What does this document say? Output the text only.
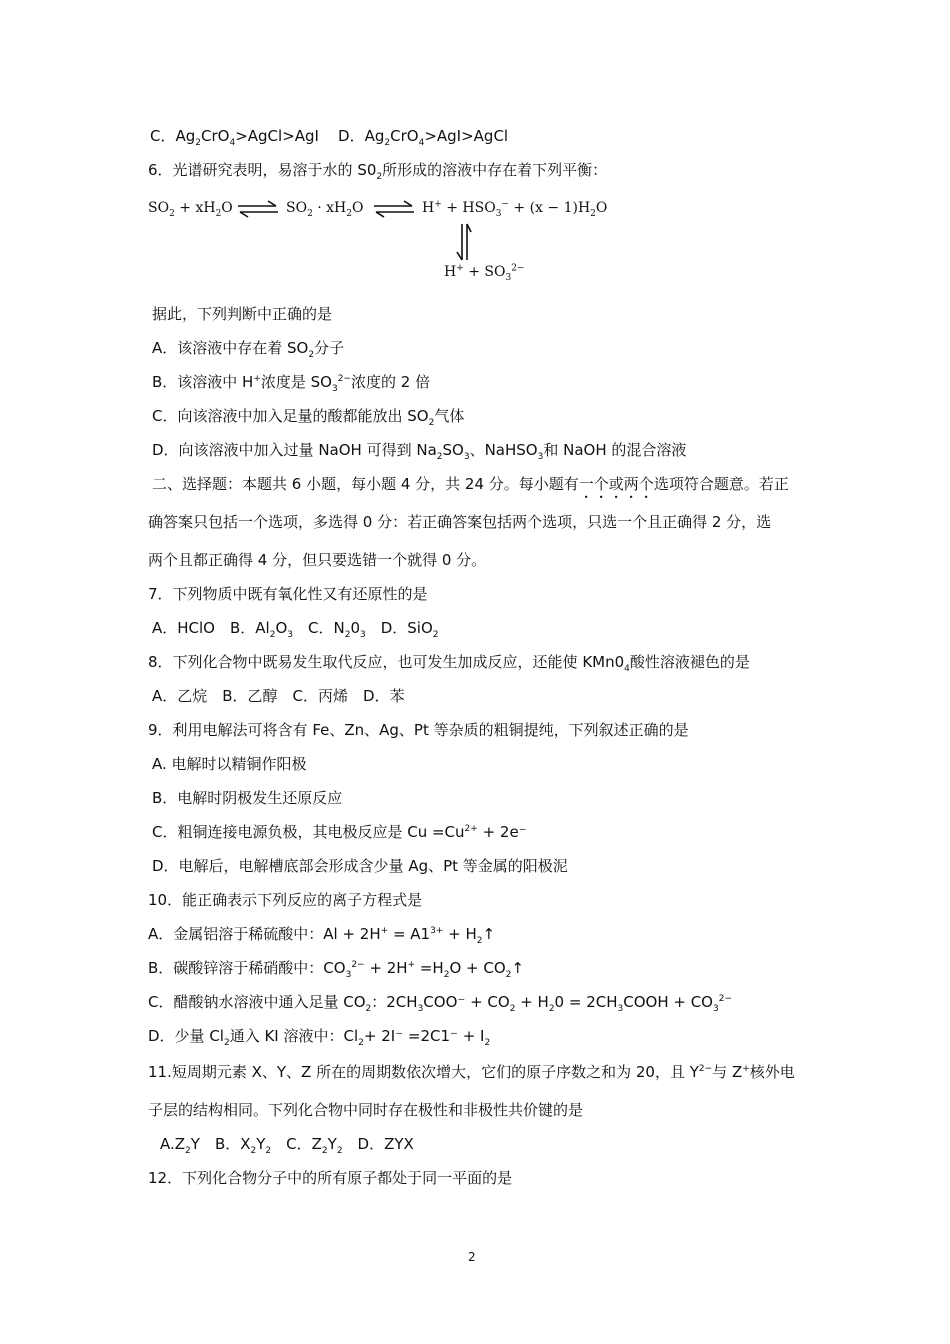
C．$Ag_2CrO_4>AgCl>AgI$ D．$Ag_2CrO_4>AgI>AgCl$
6．光谱研究表明，易溶于水的 $S0_2$所形成的溶液中存在着下列平衡：
$SO_2 + xH_2O$ ⇌ $SO_2 \cdot xH_2O$ ⇌ $H^+ + HSO_3^- + (x - 1)H_2O$
$H^+ + SO_3^{2-}$
据此，下列判断中正确的是
A．该溶液中存在着 $SO_2$分子
B．该溶液中 H+浓度是 $SO_3^{2-}$浓度的 2 倍
C．向该溶液中加入足量的酸都能放出 $SO_2$气体
D．向该溶液中加入过量 NaOH 可得到 $Na_2SO_3$、NaHSO$_3$和 NaOH 的混合溶液
二、选择题：本题共 6 小题，每小题 4 分，共 24 分。每小题有一个或两个选项符合题意。若正
确答案只包括一个选项，多选得 0 分：若正确答案包括两个选项，只选一个且正确得 2 分，选
两个且都正确得 4 分，但只要选错一个就得 0 分。
7．下列物质中既有氧化性又有还原性的是
A．HClO　B．$Al_2O_3$　C．$N_20_3$　D．SiO$_2$
8．下列化合物中既易发生取代反应，也可发生加成反应，还能使 $KMn0_4$酸性溶液褪色的是
A．乙烷　B．乙醇　C．丙烯　D．苯
9．利用电解法可将含有 Fe、Zn、Ag、Pt 等杂质的粗铜提纯，下列叙述正确的是
A. 电解时以精铜作阳极
B．电解时阴极发生还原反应
C．粗铜连接电源负极，其电极反应是 $Cu =Cu^{2+} + 2e^-$
D．电解后，电解槽底部会形成含少量 Ag、Pt 等金属的阳极泥
10．能正确表示下列反应的离子方程式是
A．金属铝溶于稀硫酸中：$Al + 2H^+ = A1^{3+}$ + $H_2↑$
B．碳酸锌溶于稀硝酸中：$CO_3^{2-} + 2H^+ =H_2O$ + $CO_2↑$
C．醋酸钠水溶液中通入足量 $CO_2$：$2CH_3COO^- + CO_2 + H_20$ = $2CH_3COOH + CO_3^{2-}$
D．少量 $Cl_2$通入 KI 溶液中：$Cl_2+ 2I^- =2C1^- + I_2$
11.短周期元素 X、Y、Z 所在的周期数依次增大，它们的原子序数之和为 20，且 $Y^{2-}$与 Z+核外电
子层的结构相同。下列化合物中同时存在极性和非极性共价键的是
$A.Z_2Y$　B．$X_2Y_2$　C．$Z_2Y_2$　D．ZYX
12．下列化合物分子中的所有原子都处于同一平面的是
2
